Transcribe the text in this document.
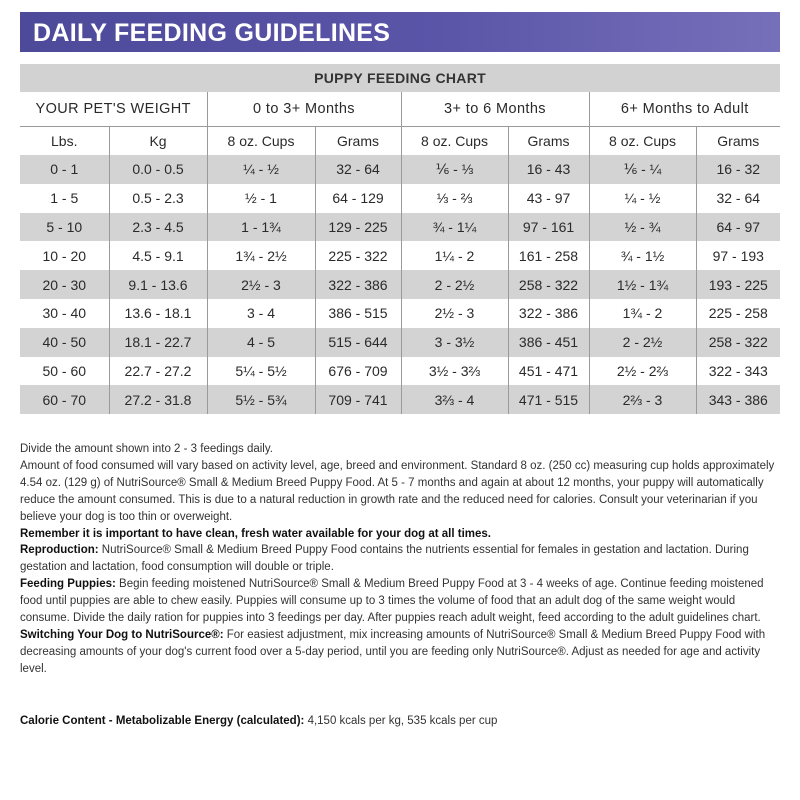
DAILY FEEDING GUIDELINES
PUPPY FEEDING CHART							
YOUR PET'S WEIGHT		0 to 3+ Months		3+ to 6 Months		6+ Months to Adult	
Lbs.	Kg	8 oz. Cups	Grams	8 oz. Cups	Grams	8 oz. Cups	Grams
0 - 1	0.0 - 0.5	¼ - ½	32 - 64	⅙ - ⅓	16 - 43	⅙ - ¼	16 - 32
1 - 5	0.5 - 2.3	½ - 1	64 - 129	⅓ - ⅔	43 - 97	¼ - ½	32 - 64
5 - 10	2.3 - 4.5	1 - 1¾	129 - 225	¾ - 1¼	97 - 161	½ - ¾	64 - 97
10 - 20	4.5 - 9.1	1¾ - 2½	225 - 322	1¼ - 2	161 - 258	¾ - 1½	97 - 193
20 - 30	9.1 - 13.6	2½ - 3	322 - 386	2 - 2½	258 - 322	1½ - 1¾	193 - 225
30 - 40	13.6 - 18.1	3 - 4	386 - 515	2½ - 3	322 - 386	1¾ - 2	225 - 258
40 - 50	18.1 - 22.7	4 - 5	515 - 644	3 - 3½	386 - 451	2 - 2½	258 - 322
50 - 60	22.7 - 27.2	5¼ - 5½	676 - 709	3½ - 3⅔	451 - 471	2½ - 2⅔	322 - 343
60 - 70	27.2 - 31.8	5½ - 5¾	709 - 741	3⅔ - 4	471 - 515	2⅔ - 3	343 - 386

Divide the amount shown into 2 - 3 feedings daily.

Amount of food consumed will vary based on activity level, age, breed and environment. Standard 8 oz. (250 cc) measuring cup holds approximately 4.54 oz. (129 g) of NutriSource® Small & Medium Breed Puppy Food. At 5 - 7 months and again at about 12 months, your puppy will automatically reduce the amount consumed. This is due to a natural reduction in growth rate and the reduced need for calories. Consult your veterinarian if you believe your dog is too thin or overweight.

Remember it is important to have clean, fresh water available for your dog at all times.

Reproduction: NutriSource® Small & Medium Breed Puppy Food contains the nutrients essential for females in gestation and lactation. During gestation and lactation, food consumption will double or triple.

Feeding Puppies: Begin feeding moistened NutriSource® Small & Medium Breed Puppy Food at 3 - 4 weeks of age. Continue feeding moistened food until puppies are able to chew easily. Puppies will consume up to 3 times the volume of food that an adult dog of the same weight would consume. Divide the daily ration for puppies into 3 feedings per day. After puppies reach adult weight, feed according to the adult guidelines chart.

Switching Your Dog to NutriSource®: For easiest adjustment, mix increasing amounts of NutriSource® Small & Medium Breed Puppy Food with decreasing amounts of your dog's current food over a 5-day period, until you are feeding only NutriSource®. Adjust as needed for age and activity level.

Calorie Content - Metabolizable Energy (calculated): 4,150 kcals per kg, 535 kcals per cup
